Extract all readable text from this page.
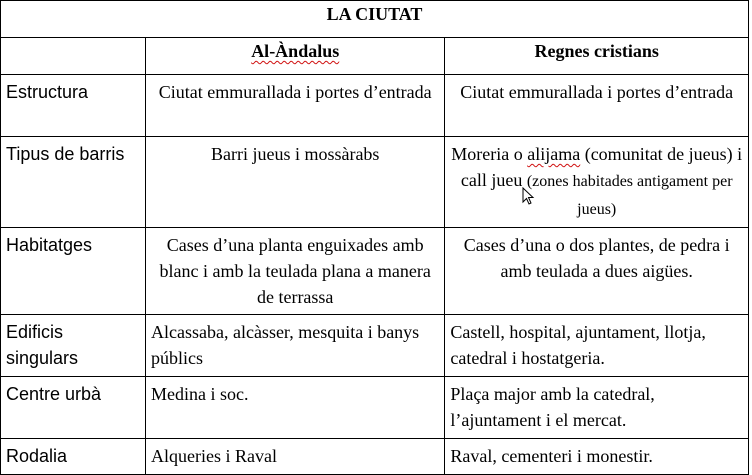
LA CIUTAT		
	Al-Àndalus	Regnes cristians
Estructura	Ciutat emmurallada i portes d’entrada	Ciutat emmurallada i portes d’entrada
Tipus de barris	Barri jueus i mossàrabs	Moreria o alijama (comunitat de jueus) i call jueu (zones habitades antigament per jueus)
Habitatges	Cases d’una planta enguixades amb blanc i amb la teulada plana a manera de terrassa	Cases d’una o dos plantes, de pedra i amb teulada a dues aigües.
Edificis singulars	Alcassaba, alcàsser, mesquita i banys públics	Castell, hospital, ajuntament, llotja, catedral i hostatgeria.
Centre urbà	Medina i soc.	Plaça major amb la catedral, l’ajuntament i el mercat.
Rodalia	Alqueries i Raval	Raval, cementeri i monestir.
